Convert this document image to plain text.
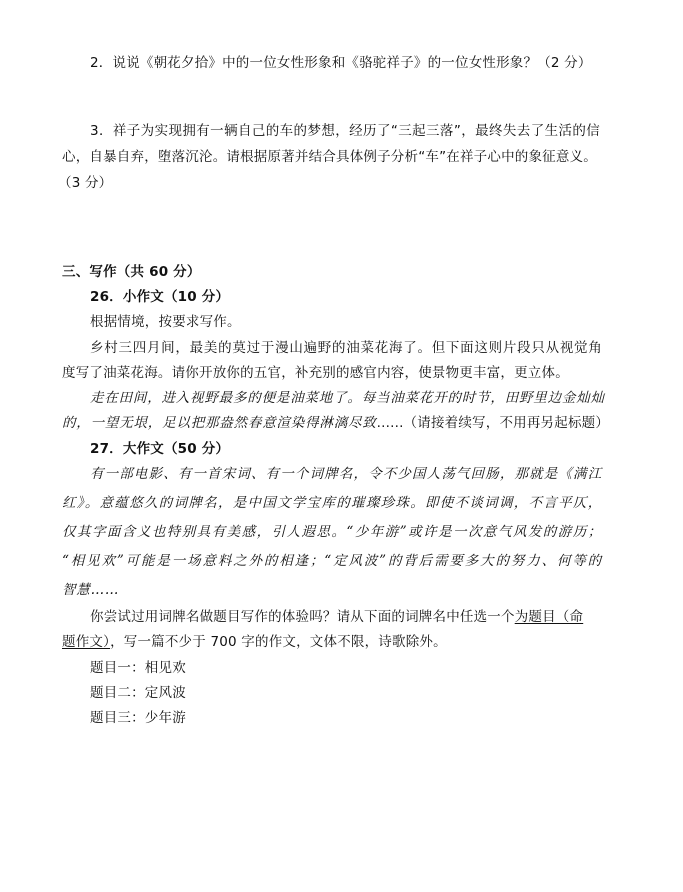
2．说说《朝花夕拾》中的一位女性形象和《骆驼祥子》的一位女性形象？（2 分）
3．祥子为实现拥有一辆自己的车的梦想，经历了“三起三落”，最终失去了生活的信
心，自暴自弃，堕落沉沦。请根据原著并结合具体例子分析“车”在祥子心中的象征意义。
（3 分）
三、写作（共 60 分）
26．小作文（10 分）
根据情境，按要求写作。
乡村三四月间，最美的莫过于漫山遍野的油菜花海了。但下面这则片段只从视觉角
度写了油菜花海。请你开放你的五官，补充别的感官内容，使景物更丰富，更立体。
走在田间，进入视野最多的便是油菜地了。每当油菜花开的时节，田野里边金灿灿
的，一望无垠，足以把那盎然春意渲染得淋漓尽致......（请接着续写，不用再另起标题）
27．大作文（50 分）
有一部电影、有一首宋词、有一个词牌名，令不少国人荡气回肠，那就是《满江
红》。意蕴悠久的词牌名，是中国文学宝库的璀璨珍珠。即使不谈词调，不言平仄，
仅其字面含义也特别具有美感，引人遐思。“少年游”或许是一次意气风发的游历；
“相见欢”可能是一场意料之外的相逢；“定风波”的背后需要多大的努力、何等的
智慧……
你尝试过用词牌名做题目写作的体验吗？请从下面的词牌名中任选一个为题目（命
题作文），写一篇不少于 700 字的作文，文体不限，诗歌除外。
题目一：相见欢
题目二：定风波
题目三：少年游
